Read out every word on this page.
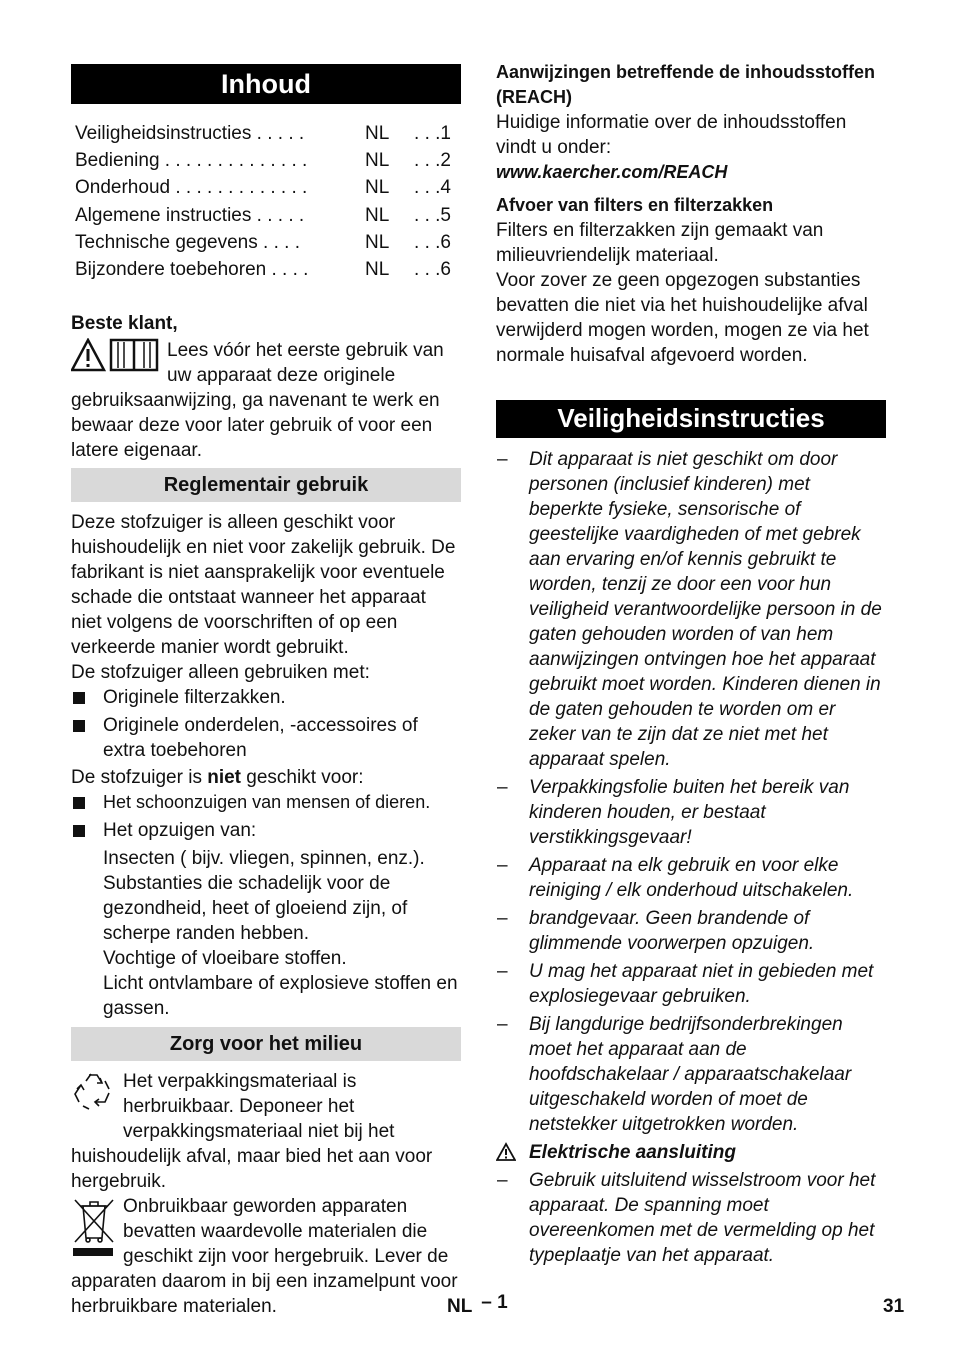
Inhoud
Veiligheidsinstructies . . . . .	NL	. . .1
Bediening . . . . . . . . . . . . . .	NL	. . .2
Onderhoud . . . . . . . . . . . . .	NL	. . .4
Algemene instructies . . . . .	NL	. . .5
Technische gegevens . . . .	NL	. . .6
Bijzondere toebehoren . . . .	NL	. . .6

Beste klant,

Lees vóór het eerste gebruik van uw apparaat deze originele gebruiksaanwijzing, ga navenant te werk en bewaar deze voor later gebruik of voor een latere eigenaar.

Reglementair gebruik

Deze stofzuiger is alleen geschikt voor huishoudelijk en niet voor zakelijk gebruik. De fabrikant is niet aansprakelijk voor eventuele schade die ontstaat wanneer het apparaat niet volgens de voorschriften of op een verkeerde manier wordt gebruikt.

De stofzuiger alleen gebruiken met:

Originele filterzakken.
Originele onderdelen, -accessoires of extra toebehoren

De stofzuiger is niet geschikt voor:

Het schoonzuigen van mensen of dieren.
Het opzuigen van:

Insecten ( bijv. vliegen, spinnen, enz.).

Substanties die schadelijk voor de gezondheid, heet of gloeiend zijn, of scherpe randen hebben.

Vochtige of vloeibare stoffen.

Licht ontvlambare of explosieve stoffen en gassen.

Zorg voor het milieu

Het verpakkingsmateriaal is herbruikbaar. Deponeer het verpakkingsmateriaal niet bij het huishoudelijk afval, maar bied het aan voor hergebruik.

Onbruikbaar geworden apparaten bevatten waardevolle materialen die geschikt zijn voor hergebruik. Lever de apparaten daarom in bij een inzamelpunt voor herbruikbare materialen.

Aanwijzingen betreffende de inhoudsstoffen (REACH)

Huidige informatie over de inhoudsstoffen vindt u onder:

www.kaercher.com/REACH

Afvoer van filters en filterzakken

Filters en filterzakken zijn gemaakt van milieuvriendelijk materiaal.

Voor zover ze geen opgezogen substanties bevatten die niet via het huishoudelijke afval verwijderd mogen worden, mogen ze via het normale huisafval afgevoerd worden.

Veiligheidsinstructies
– Dit apparaat is niet geschikt om door personen (inclusief kinderen) met beperkte fysieke, sensorische of geestelijke vaardigheden of met gebrek aan ervaring en/of kennis gebruikt te worden, tenzij ze door een voor hun veiligheid verantwoordelijke persoon in de gaten gehouden worden of van hem aanwijzingen ontvingen hoe het apparaat gebruikt moet worden. Kinderen dienen in de gaten gehouden te worden om er zeker van te zijn dat ze niet met het apparaat spelen.
– Verpakkingsfolie buiten het bereik van kinderen houden, er bestaat verstikkingsgevaar!
– Apparaat na elk gebruik en voor elke reiniging / elk onderhoud uitschakelen.
– brandgevaar. Geen brandende of glimmende voorwerpen opzuigen.
– U mag het apparaat niet in gebieden met explosiegevaar gebruiken.
– Bij langdurige bedrijfsonderbrekingen moet het apparaat aan de hoofdschakelaar / apparaatschakelaar uitgeschakeld worden of moet de netstekker uitgetrokken worden.
Elektrische aansluiting
– Gebruik uitsluitend wisselstroom voor het apparaat. De spanning moet overeenkomen met de vermelding op het typeplaatje van het apparaat.
NL – 1	31
